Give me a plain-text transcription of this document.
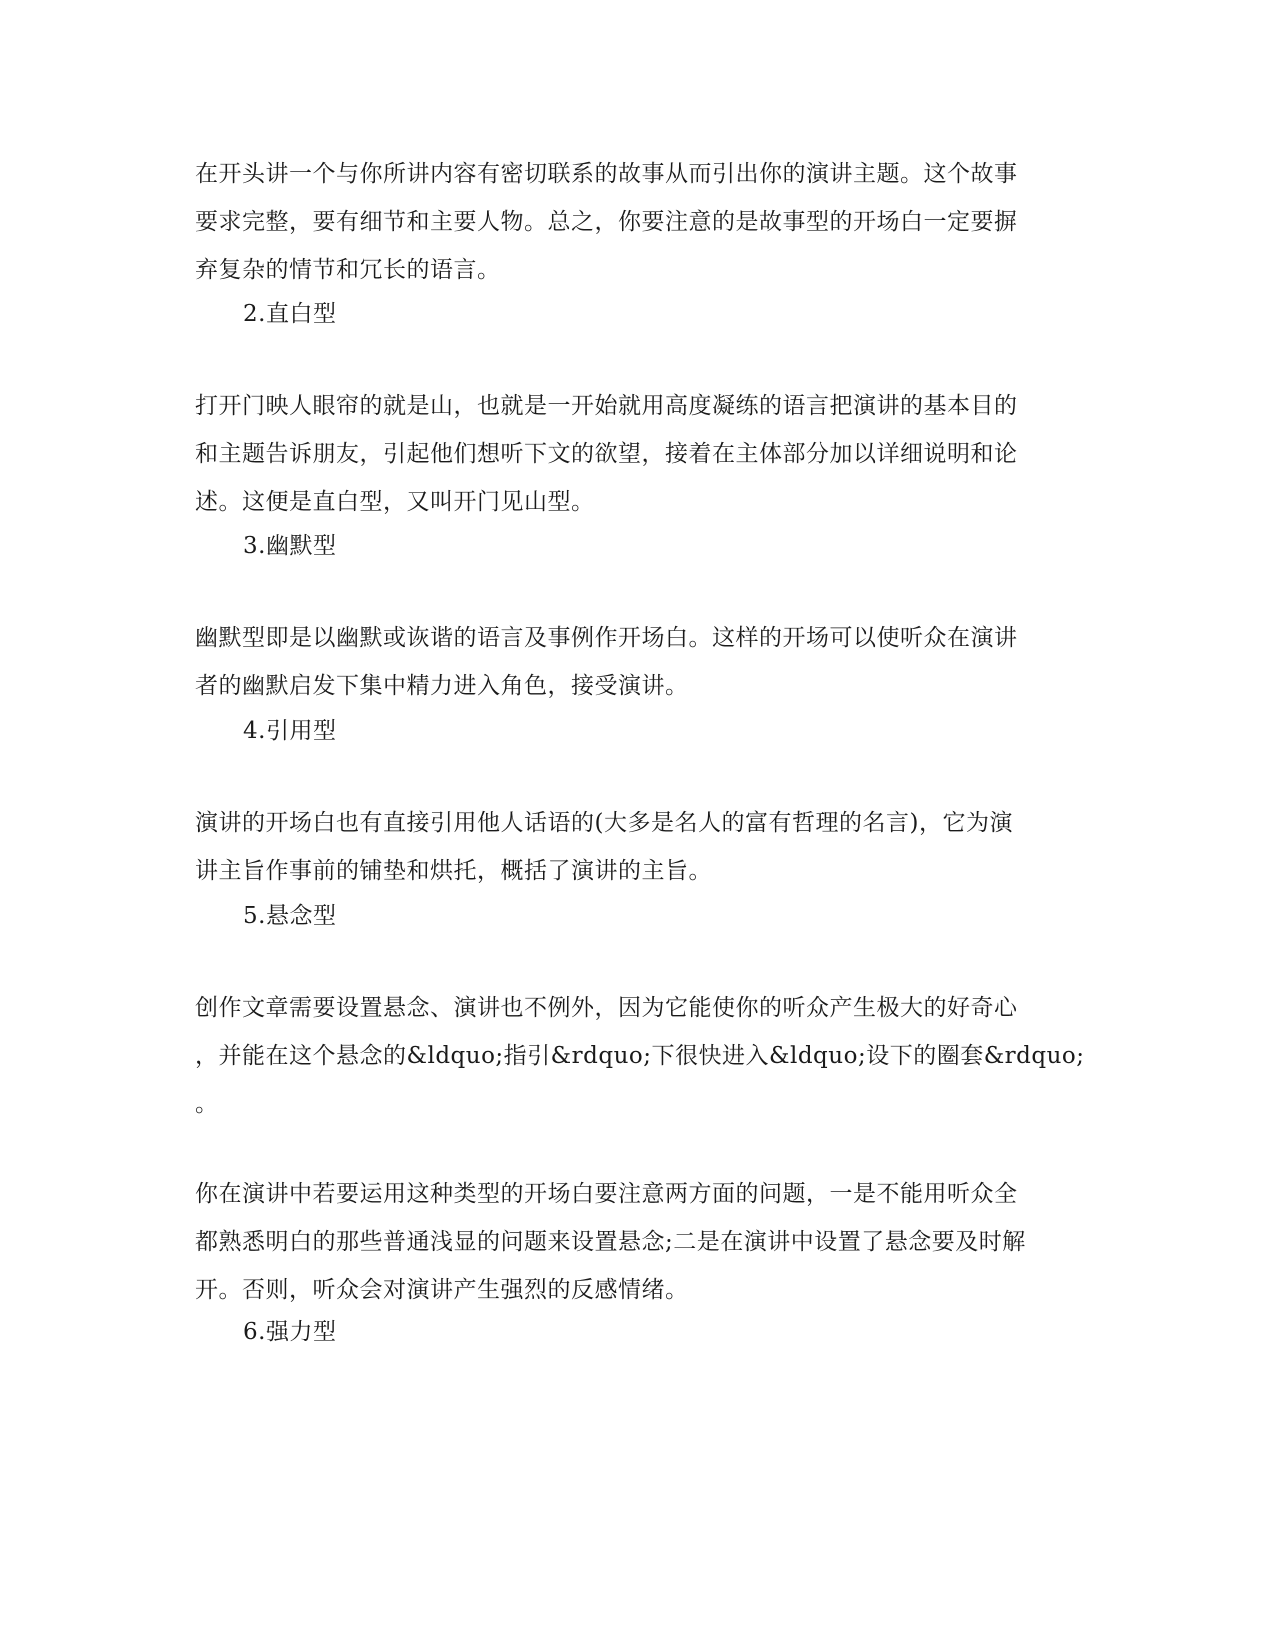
在开头讲一个与你所讲内容有密切联系的故事从而引出你的演讲主题。这个故事
要求完整，要有细节和主要人物。总之，你要注意的是故事型的开场白一定要摒
弃复杂的情节和冗长的语言。
2.直白型
打开门映人眼帘的就是山，也就是一开始就用高度凝练的语言把演讲的基本目的
和主题告诉朋友，引起他们想听下文的欲望，接着在主体部分加以详细说明和论
述。这便是直白型，又叫开门见山型。
3.幽默型
幽默型即是以幽默或诙谐的语言及事例作开场白。这样的开场可以使听众在演讲
者的幽默启发下集中精力进入角色，接受演讲。
4.引用型
演讲的开场白也有直接引用他人话语的(大多是名人的富有哲理的名言)，它为演
讲主旨作事前的铺垫和烘托，概括了演讲的主旨。
5.悬念型
创作文章需要设置悬念、演讲也不例外，因为它能使你的听众产生极大的好奇心
，并能在这个悬念的&ldquo;指引&rdquo;下很快进入&ldquo;设下的圈套&rdquo;
。
你在演讲中若要运用这种类型的开场白要注意两方面的问题，一是不能用听众全
都熟悉明白的那些普通浅显的问题来设置悬念;二是在演讲中设置了悬念要及时解
开。否则，听众会对演讲产生强烈的反感情绪。
6.强力型
